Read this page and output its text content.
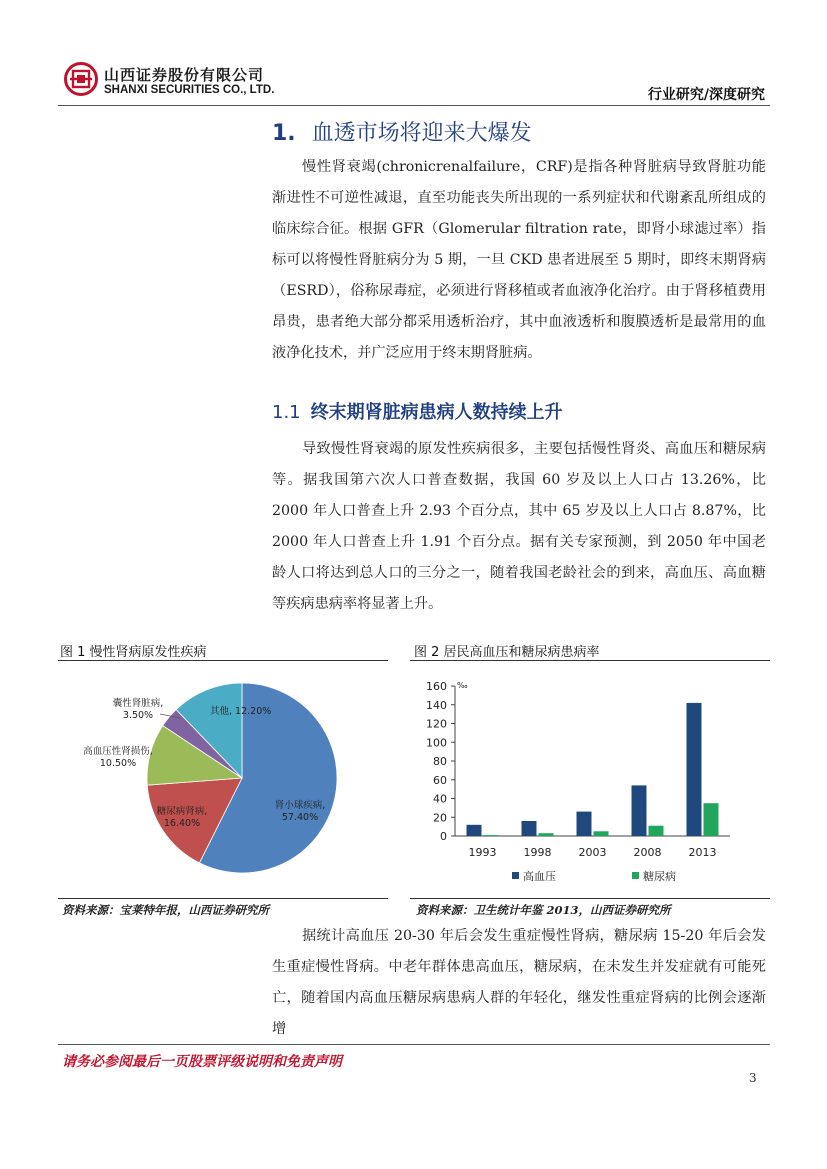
山西证券股份有限公司
SHANXI SECURITIES CO., LTD.	行业研究/深度研究
1. 血透市场将迎来大爆发
慢性肾衰竭(chronicrenalfailure，CRF)是指各种肾脏病导致肾脏功能渐进性不可逆性减退，直至功能丧失所出现的一系列症状和代谢紊乱所组成的临床综合征。根据 GFR（Glomerular filtration rate，即肾小球滤过率）指标可以将慢性肾脏病分为 5 期，一旦 CKD 患者进展至 5 期时，即终末期肾病（ESRD），俗称尿毒症，必须进行肾移植或者血液净化治疗。由于肾移植费用昂贵，患者绝大部分都采用透析治疗，其中血液透析和腹膜透析是最常用的血液净化技术，并广泛应用于终末期肾脏病。
1.1 终末期肾脏病患病人数持续上升
导致慢性肾衰竭的原发性疾病很多，主要包括慢性肾炎、高血压和糖尿病等。据我国第六次人口普查数据，我国 60 岁及以上人口占 13.26%，比 2000 年人口普查上升 2.93 个百分点，其中 65 岁及以上人口占 8.87%，比 2000 年人口普查上升 1.91 个百分点。据有关专家预测，到 2050 年中国老龄人口将达到总人口的三分之一，随着我国老龄社会的到来，高血压、高血糖等疾病患病率将显著上升。
图 1 慢性肾病原发性疾病	图 2 居民高血压和糖尿病患病率
肾小球疾病,
57.40%
糖尿病肾病,
16.40%
高血压性肾损伤,
10.50%
囊性肾脏病,
3.50%	其他, 12.20%
160
140
120
100
80
60
40
20
0
‰
1993 1998 2003 2008 2013
高血压	糖尿病
资料来源：宝莱特年报，山西证券研究所	资料来源：卫生统计年鉴 2013，山西证券研究所
据统计高血压 20-30 年后会发生重症慢性肾病，糖尿病 15-20 年后会发生重症慢性肾病。中老年群体患高血压，糖尿病，在未发生并发症就有可能死亡，随着国内高血压糖尿病患病人群的年轻化，继发性重症肾病的比例会逐渐增
请务必参阅最后一页股票评级说明和免责声明
3
